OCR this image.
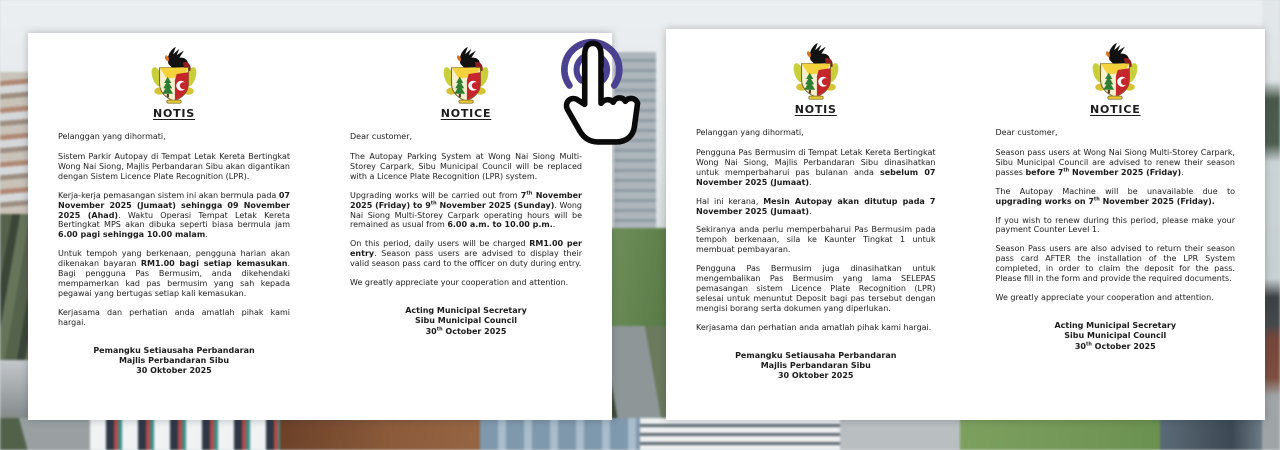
NOTIS
Pelanggan yang dihormati,

Sistem Parkir Autopay di Tempat Letak Kereta Bertingkat Wong Nai Siong, Majlis Perbandaran Sibu akan digantikan dengan Sistem Licence Plate Recognition (LPR).

Kerja-kerja pemasangan sistem ini akan bermula pada 07 November 2025 (Jumaat) sehingga 09 November 2025 (Ahad). Waktu Operasi Tempat Letak Kereta Bertingkat MPS akan dibuka seperti biasa bermula jam 6.00 pagi sehingga 10.00 malam.

Untuk tempoh yang berkenaan, pengguna harian akan dikenakan bayaran RM1.00 bagi setiap kemasukan. Bagi pengguna Pas Bermusim, anda dikehendaki mempamerkan kad pas bermusim yang sah kepada pegawai yang bertugas setiap kali kemasukan.

Kerjasama dan perhatian anda amatlah pihak kami hargai.

Pemangku Setiausaha Perbandaran
Majlis Perbandaran Sibu
30 Oktober 2025
NOTICE
Dear customer,

The Autopay Parking System at Wong Nai Siong Multi-Storey Carpark, Sibu Municipal Council will be replaced with a Licence Plate Recognition (LPR) system.

Upgrading works will be carried out from 7th November 2025 (Friday) to 9th November 2025 (Sunday). Wong Nai Siong Multi-Storey Carpark operating hours will be remained as usual from 6.00 a.m. to 10.00 p.m..

On this period, daily users will be charged RM1.00 per entry. Season pass users are advised to display their valid season pass card to the officer on duty during entry.

We greatly appreciate your cooperation and attention.

Acting Municipal Secretary
Sibu Municipal Council
30th October 2025
NOTIS
Pelanggan yang dihormati,

Pengguna Pas Bermusim di Tempat Letak Kereta Bertingkat Wong Nai Siong, Majlis Perbandaran Sibu dinasihatkan untuk memperbaharui pas bulanan anda sebelum 07 November 2025 (Jumaat).

Hal ini kerana, Mesin Autopay akan ditutup pada 7 November 2025 (Jumaat).

Sekiranya anda perlu memperbaharui Pas Bermusim pada tempoh berkenaan, sila ke Kaunter Tingkat 1 untuk membuat pembayaran.

Pengguna Pas Bermusim juga dinasihatkan untuk mengembalikan Pas Bermusim yang lama SELEPAS pemasangan sistem Licence Plate Recognition (LPR) selesai untuk menuntut Deposit bagi pas tersebut dengan mengisi borang serta dokumen yang diperlukan.

Kerjasama dan perhatian anda amatlah pihak kami hargai.

Pemangku Setiausaha Perbandaran
Majlis Perbandaran Sibu
30 Oktober 2025
NOTICE
Dear customer,

Season pass users at Wong Nai Siong Multi-Storey Carpark, Sibu Municipal Council are advised to renew their season passes before 7th November 2025 (Friday).

The Autopay Machine will be unavailable due to upgrading works on 7th November 2025 (Friday).

If you wish to renew during this period, please make your payment Counter Level 1.

Season Pass users are also advised to return their season pass card AFTER the installation of the LPR System completed, in order to claim the deposit for the pass. Please fill in the form and provide the required documents.

We greatly appreciate your cooperation and attention.

Acting Municipal Secretary
Sibu Municipal Council
30th October 2025
